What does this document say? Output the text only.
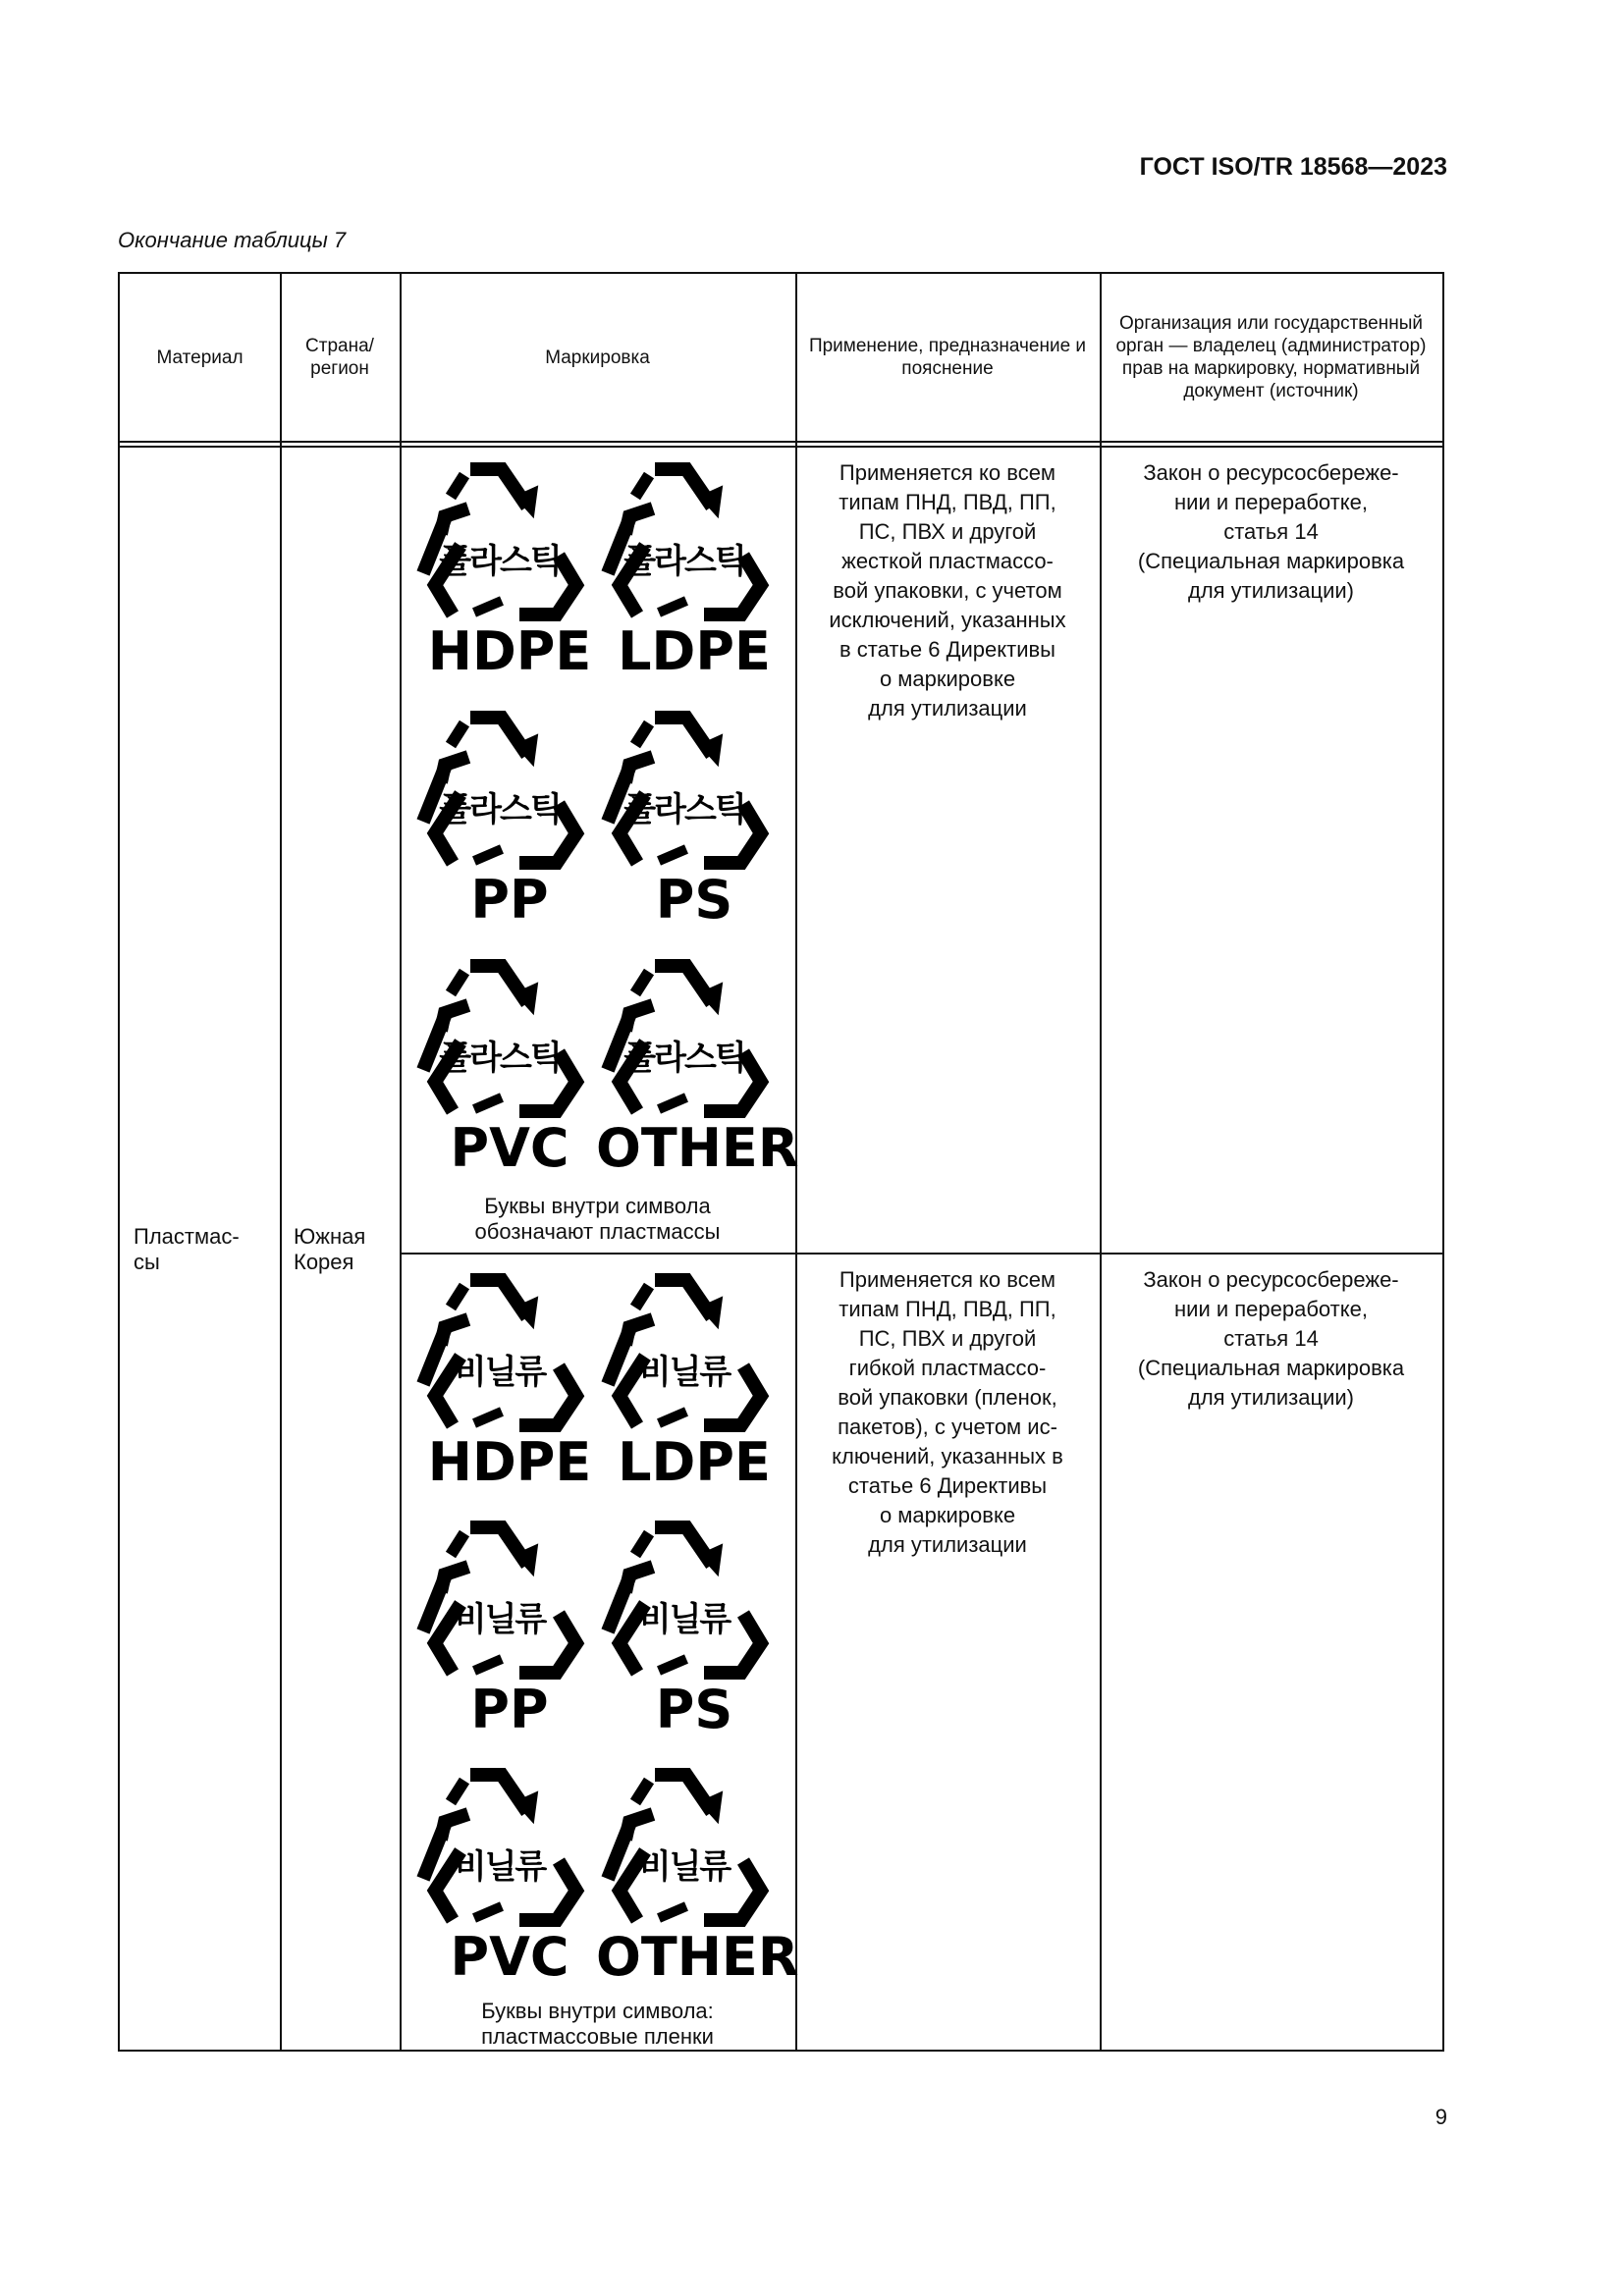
ГОСТ ISO/TR 18568—2023
Окончание таблицы 7
Материал
Страна/ регион
Маркировка
Применение, предназначение и пояснение
Организация или государственный орган — владелец (администратор) прав на маркировку, нормативный документ (источник)
Пластмас- сы
Южная Корея
플라스틱
HDPE
플라스틱
LDPE
플라스틱
PP
플라스틱
PS
플라스틱
PVC
플라스틱
OTHER
Буквы внутри символа
обозначают пластмассы
Применяется ко всем
типам ПНД, ПВД, ПП,
ПС, ПВХ и другой
жесткой пластмассо-
вой упаковки, с учетом
исключений, указанных
в статье 6 Директивы
о маркировке
для утилизации
Закон о ресурсосбереже-
нии и переработке,
статья 14
(Специальная маркировка
для утилизации)
비닐류
HDPE
비닐류
LDPE
비닐류
PP
비닐류
PS
비닐류
PVC
비닐류
OTHER
Буквы внутри символа:
пластмассовые пленки
Применяется ко всем
типам ПНД, ПВД, ПП,
ПС, ПВХ и другой
гибкой пластмассо-
вой упаковки (пленок,
пакетов), с учетом ис-
ключений, указанных в
статье 6 Директивы
о маркировке
для утилизации
Закон о ресурсосбереже-
нии и переработке,
статья 14
(Специальная маркировка
для утилизации)
9
